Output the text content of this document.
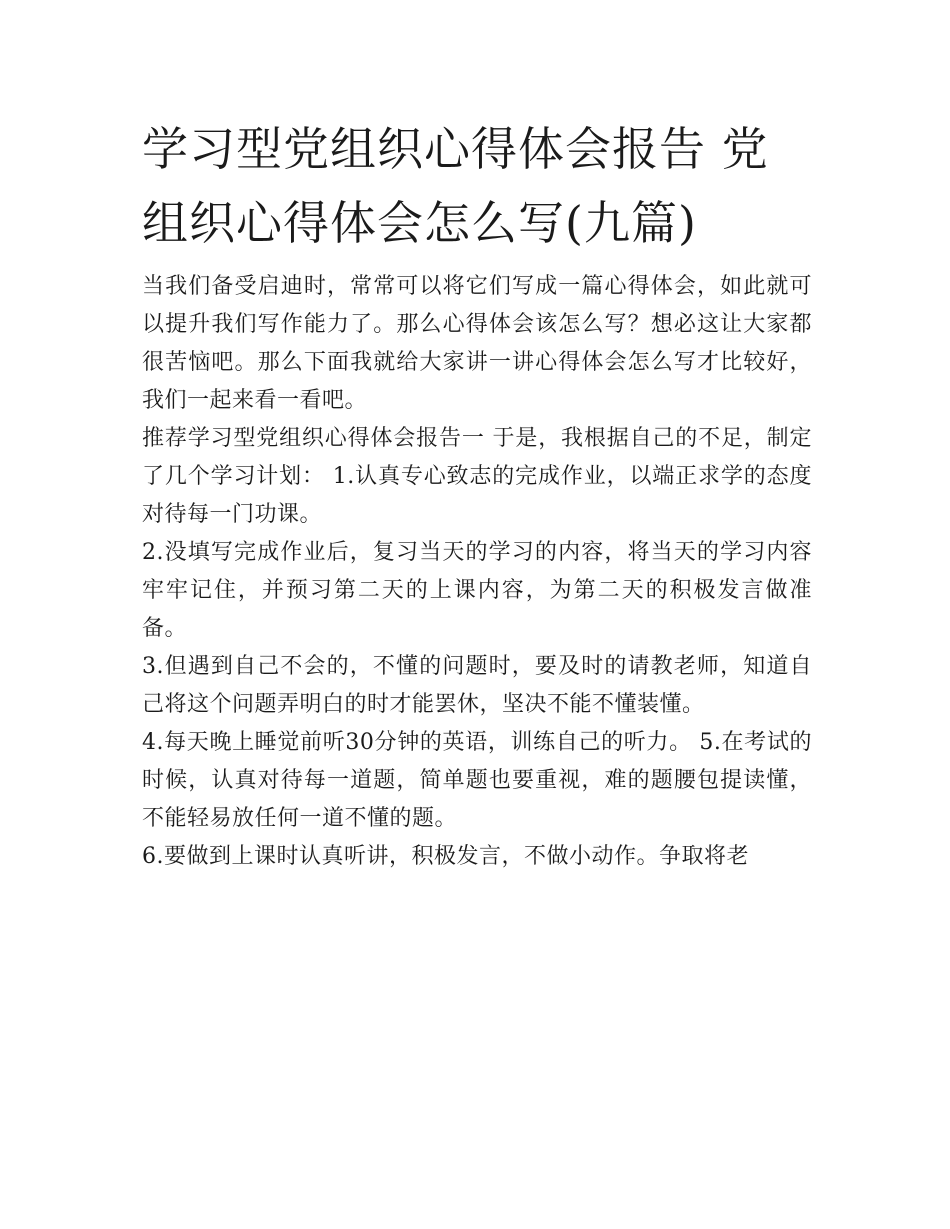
学习型党组织心得体会报告 党组织心得体会怎么写(九篇)

当我们备受启迪时，常常可以将它们写成一篇心得体会，如此就可以提升我们写作能力了。那么心得体会该怎么写？想必这让大家都很苦恼吧。那么下面我就给大家讲一讲心得体会怎么写才比较好，我们一起来看一看吧。

推荐学习型党组织心得体会报告一 于是，我根据自己的不足，制定了几个学习计划： 1.认真专心致志的完成作业，以端正求学的态度对待每一门功课。

2.没填写完成作业后，复习当天的学习的内容，将当天的学习内容牢牢记住，并预习第二天的上课内容，为第二天的积极发言做准备。

3.但遇到自己不会的，不懂的问题时，要及时的请教老师，知道自己将这个问题弄明白的时才能罢休，坚决不能不懂装懂。

4.每天晚上睡觉前听30分钟的英语，训练自己的听力。 5.在考试的时候，认真对待每一道题，简单题也要重视，难的题腰包提读懂，不能轻易放任何一道不懂的题。

6.要做到上课时认真听讲，积极发言，不做小动作。争取将老
